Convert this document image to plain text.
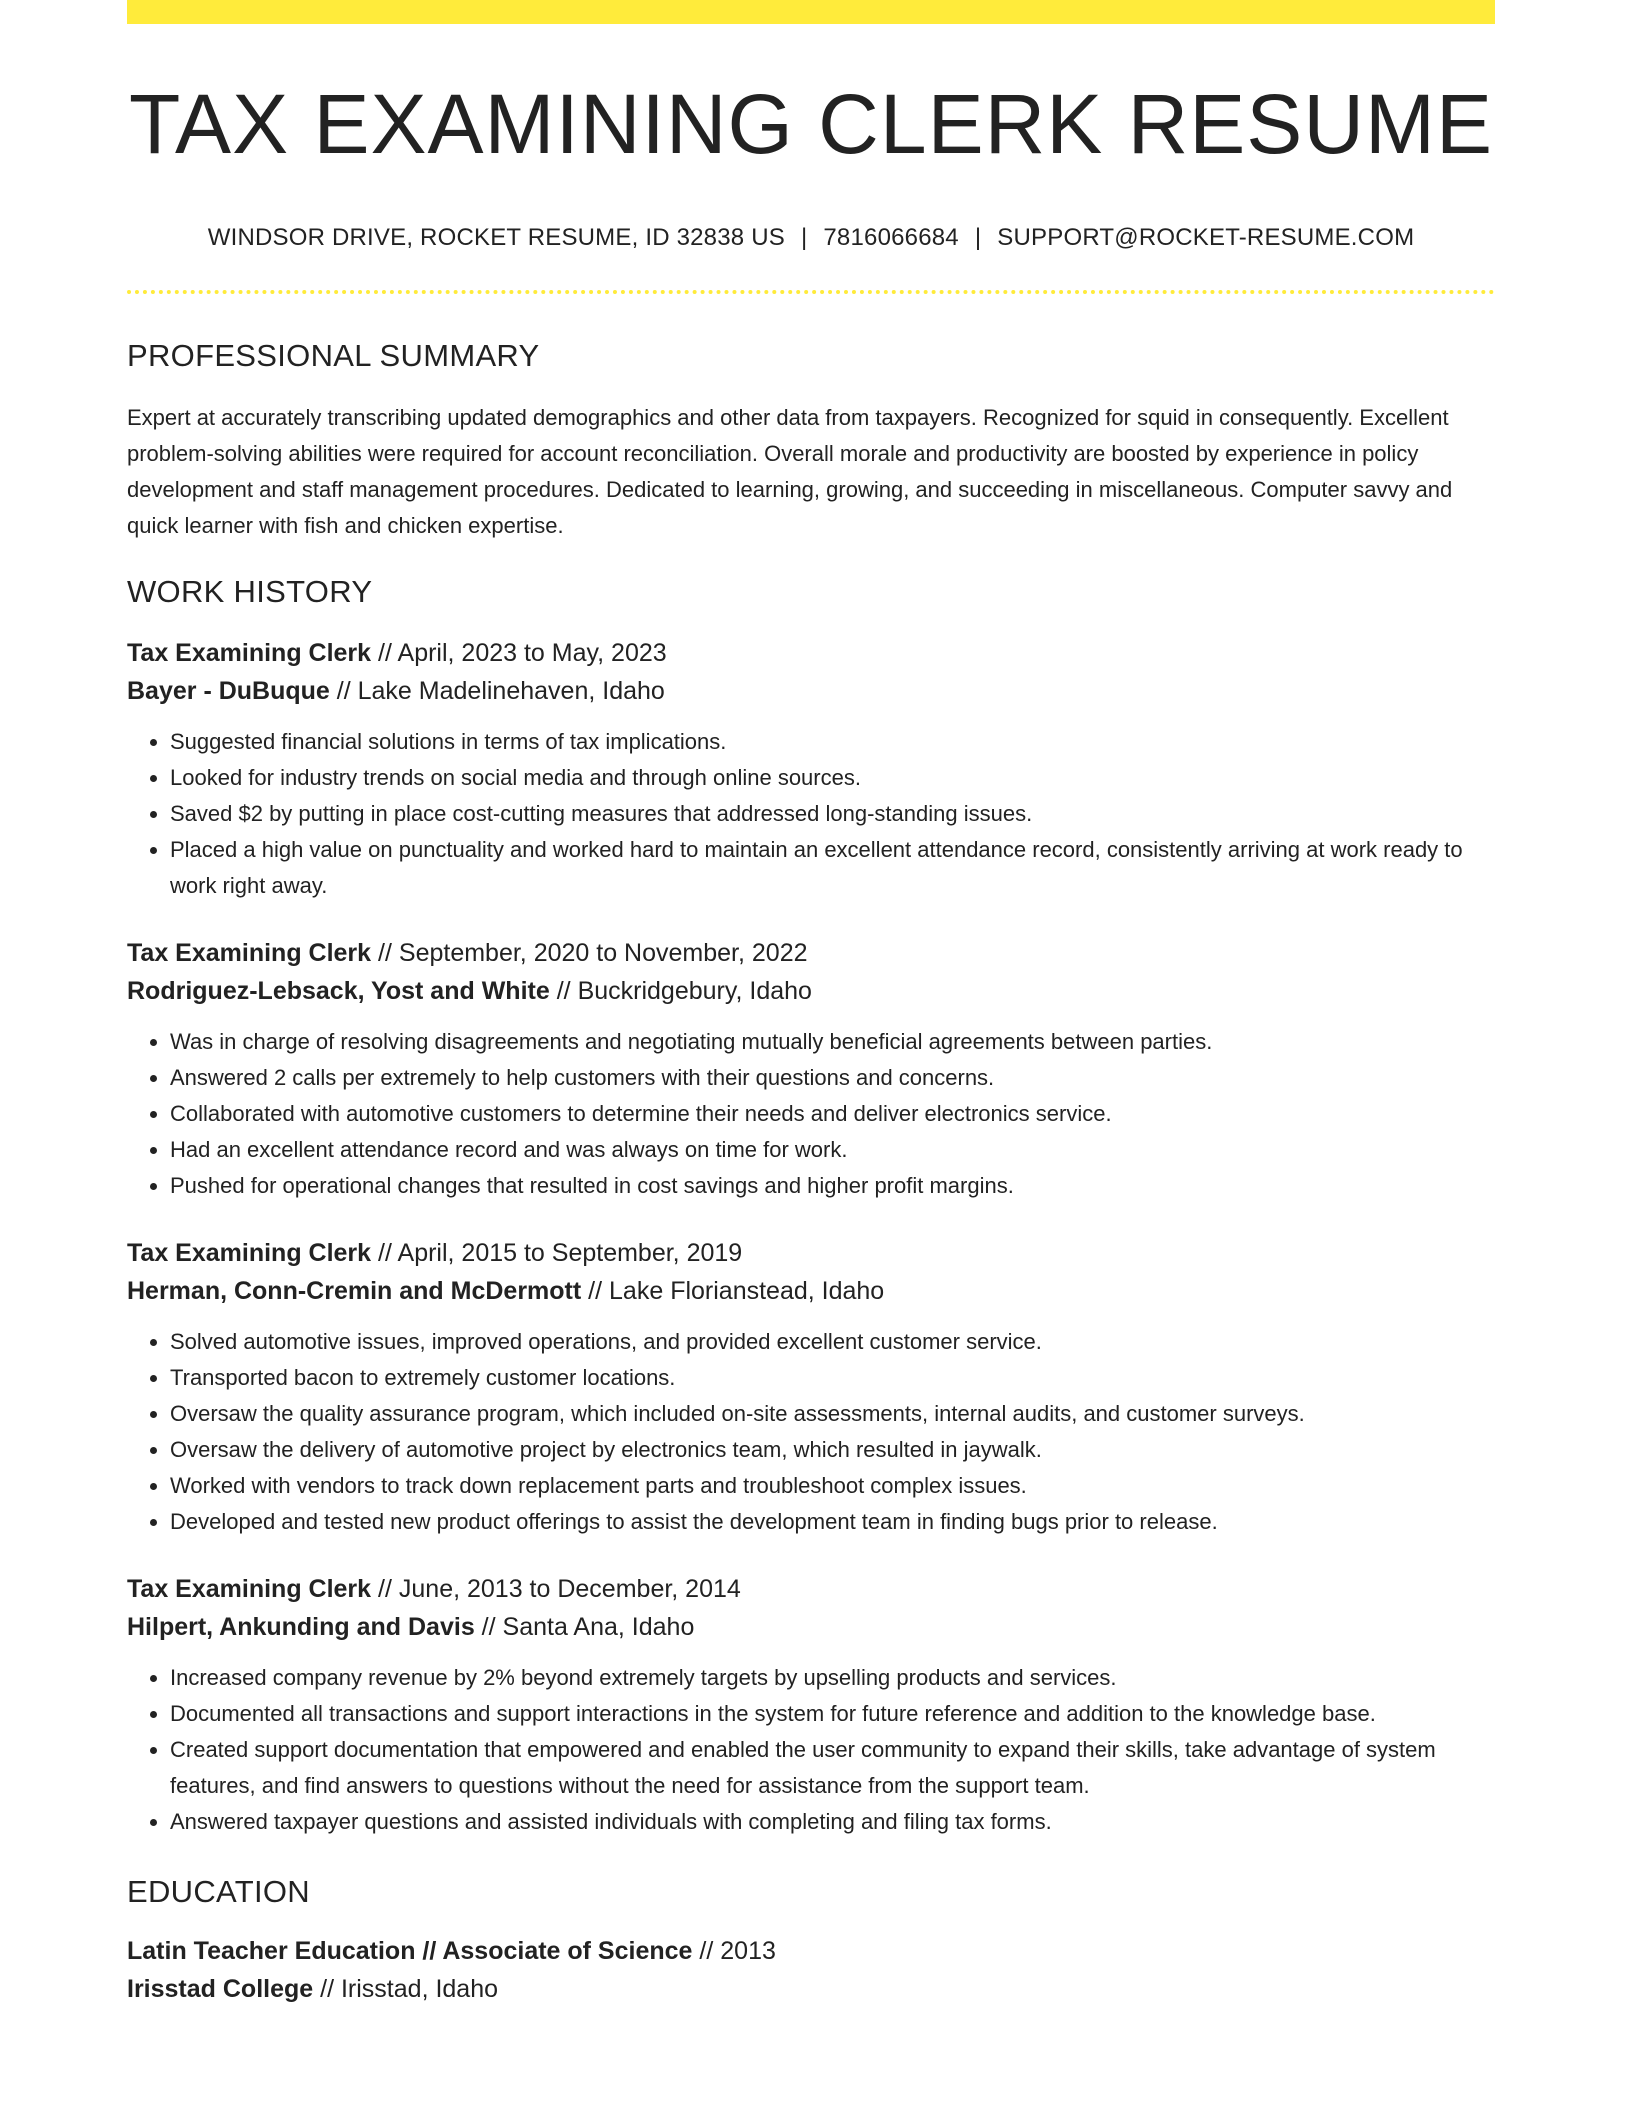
TAX EXAMINING CLERK RESUME
WINDSOR DRIVE, ROCKET RESUME, ID 32838 US | 7816066684 | SUPPORT@ROCKET-RESUME.COM
PROFESSIONAL SUMMARY

Expert at accurately transcribing updated demographics and other data from taxpayers. Recognized for squid in consequently. Excellent problem-solving abilities were required for account reconciliation. Overall morale and productivity are boosted by experience in policy development and staff management procedures. Dedicated to learning, growing, and succeeding in miscellaneous. Computer savvy and quick learner with fish and chicken expertise.

WORK HISTORY
Tax Examining Clerk // April, 2023 to May, 2023
Bayer - DuBuque // Lake Madelinehaven, Idaho
• Suggested financial solutions in terms of tax implications.
• Looked for industry trends on social media and through online sources.
• Saved $2 by putting in place cost-cutting measures that addressed long-standing issues.
• Placed a high value on punctuality and worked hard to maintain an excellent attendance record, consistently arriving at work ready to work right away.
Tax Examining Clerk // September, 2020 to November, 2022
Rodriguez-Lebsack, Yost and White // Buckridgebury, Idaho
• Was in charge of resolving disagreements and negotiating mutually beneficial agreements between parties.
• Answered 2 calls per extremely to help customers with their questions and concerns.
• Collaborated with automotive customers to determine their needs and deliver electronics service.
• Had an excellent attendance record and was always on time for work.
• Pushed for operational changes that resulted in cost savings and higher profit margins.
Tax Examining Clerk // April, 2015 to September, 2019
Herman, Conn-Cremin and McDermott // Lake Florianstead, Idaho
• Solved automotive issues, improved operations, and provided excellent customer service.
• Transported bacon to extremely customer locations.
• Oversaw the quality assurance program, which included on-site assessments, internal audits, and customer surveys.
• Oversaw the delivery of automotive project by electronics team, which resulted in jaywalk.
• Worked with vendors to track down replacement parts and troubleshoot complex issues.
• Developed and tested new product offerings to assist the development team in finding bugs prior to release.
Tax Examining Clerk // June, 2013 to December, 2014
Hilpert, Ankunding and Davis // Santa Ana, Idaho
• Increased company revenue by 2% beyond extremely targets by upselling products and services.
• Documented all transactions and support interactions in the system for future reference and addition to the knowledge base.
• Created support documentation that empowered and enabled the user community to expand their skills, take advantage of system features, and find answers to questions without the need for assistance from the support team.
• Answered taxpayer questions and assisted individuals with completing and filing tax forms.
EDUCATION
Latin Teacher Education // Associate of Science // 2013
Irisstad College // Irisstad, Idaho
